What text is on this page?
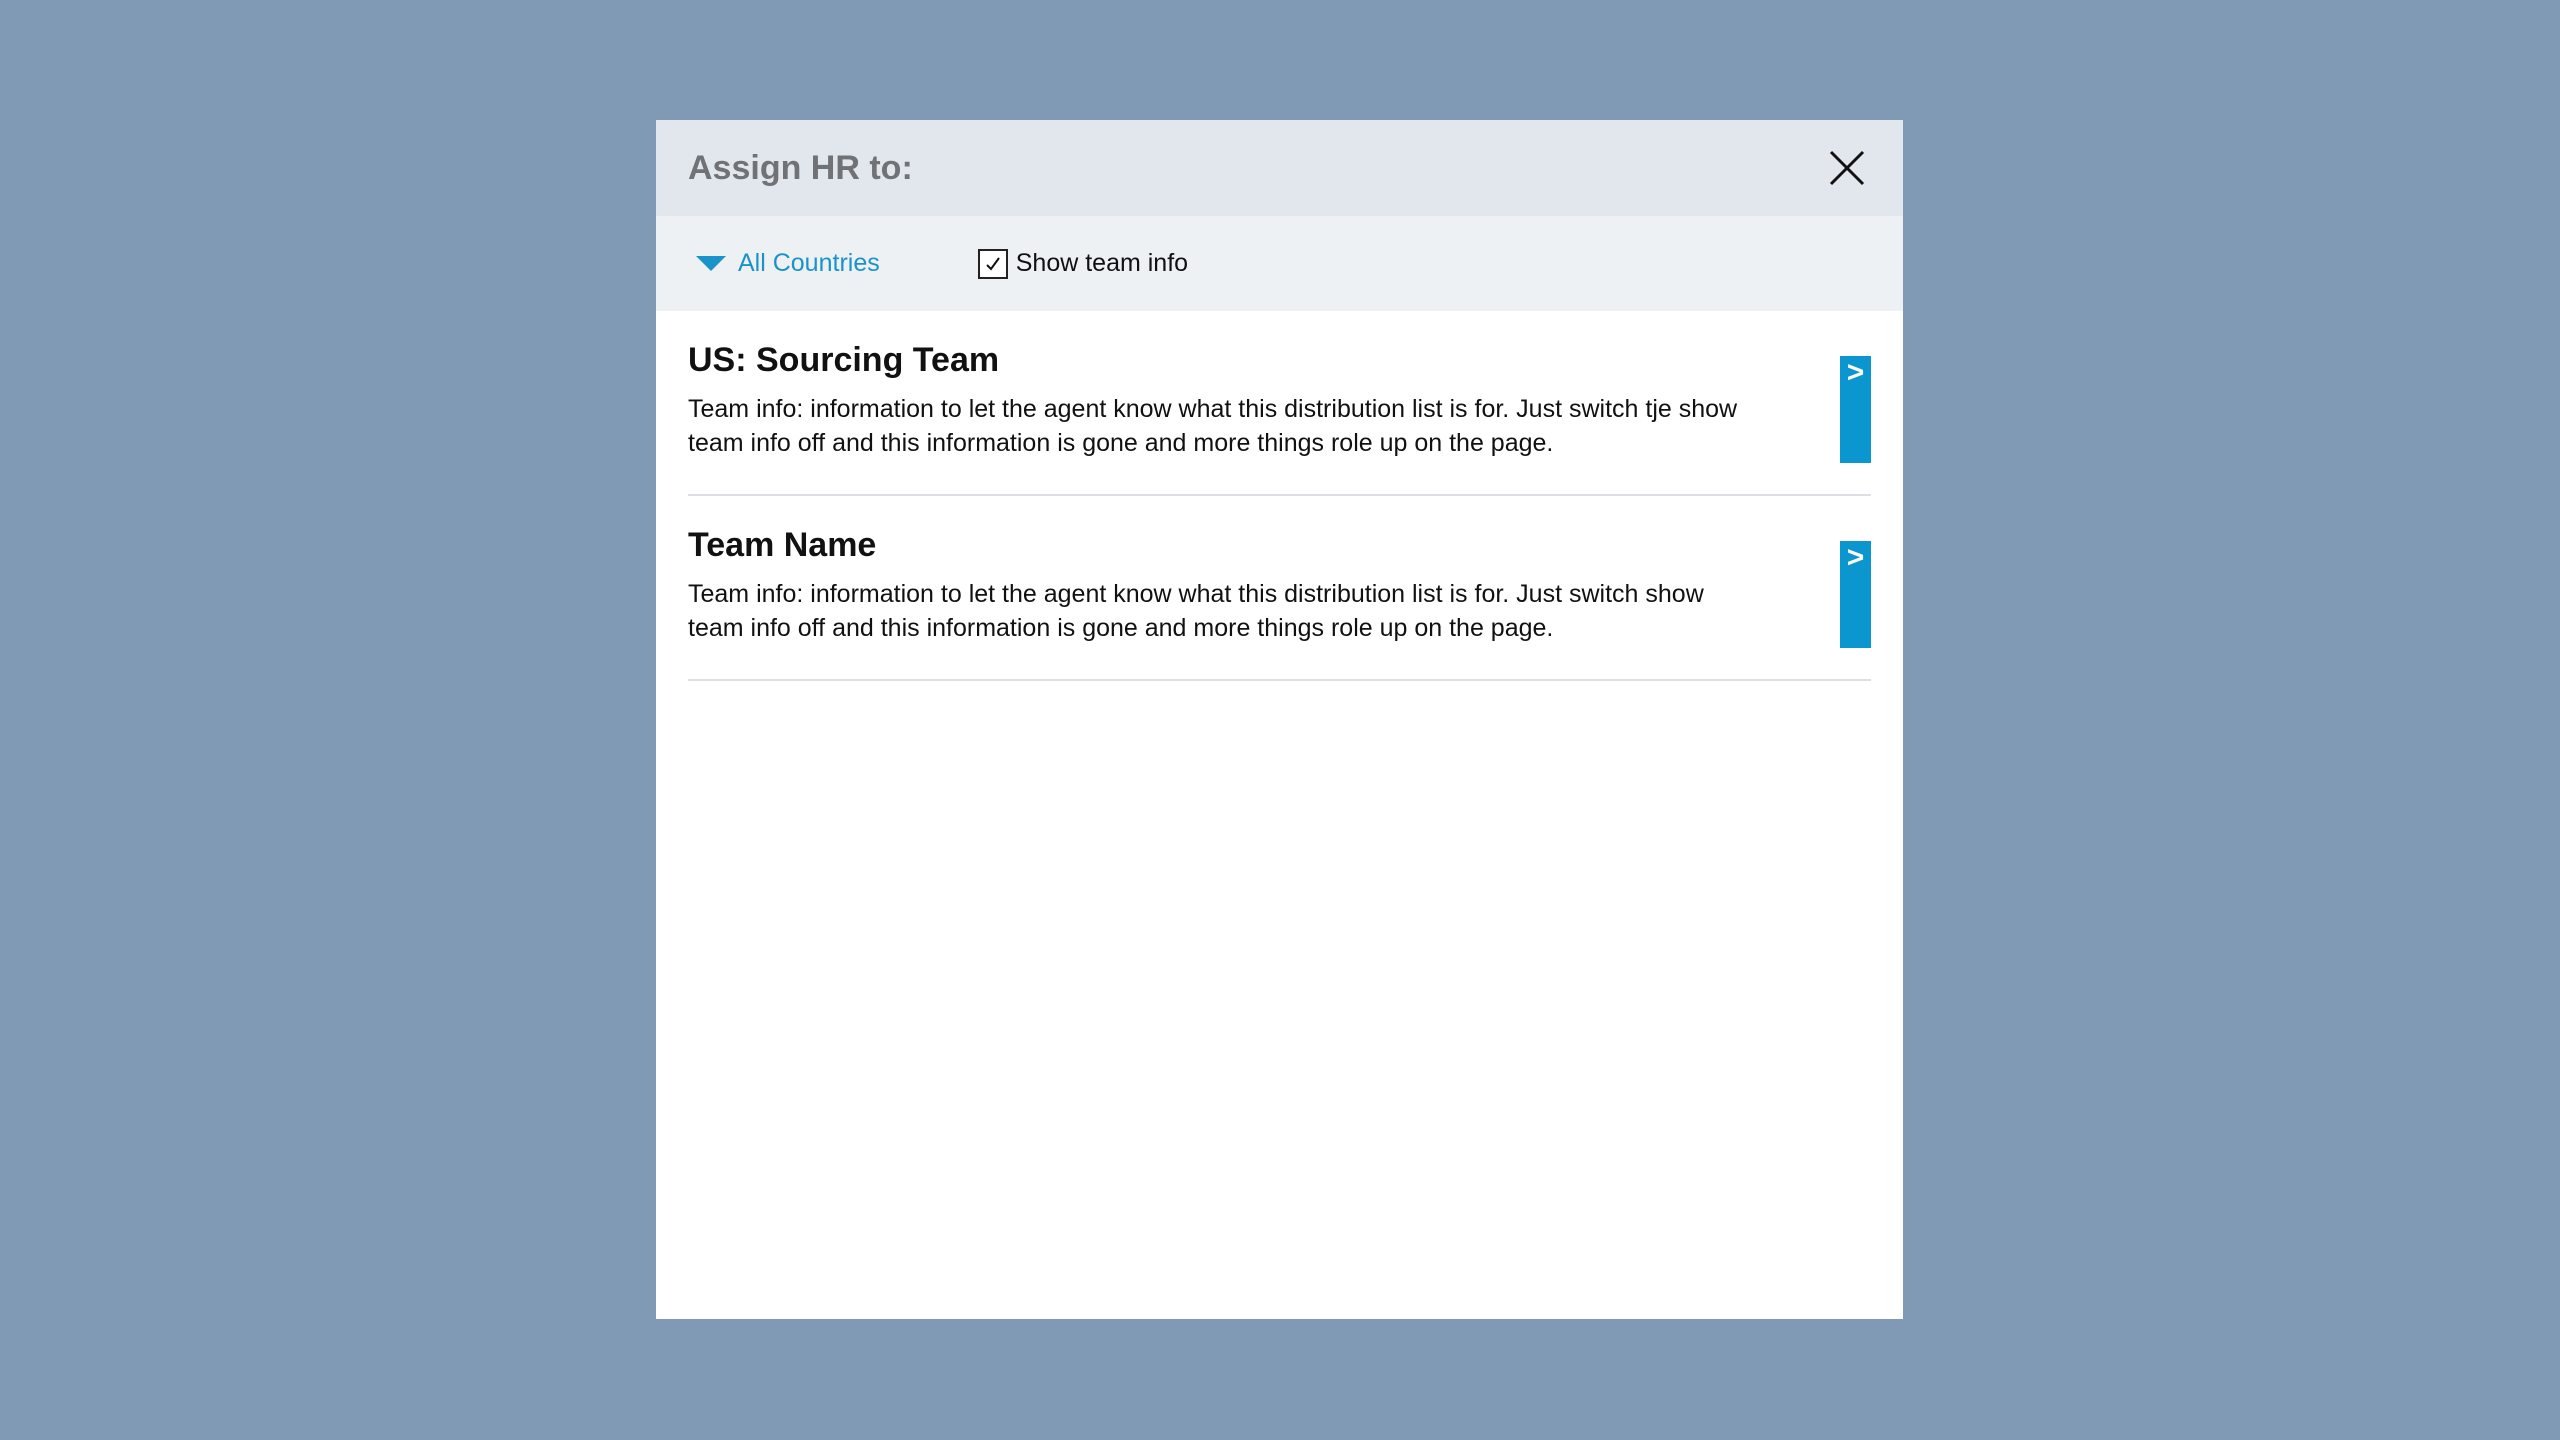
Assign HR to:
All Countries	Show team info
US: Sourcing Team
Team info: information to let the agent know what this distribution list is for. Just switch tje show team info off and this information is gone and more things role up on the page.
>
Team Name
Team info: information to let the agent know what this distribution list is for. Just switch show team info off and this information is gone and more things role up on the page.
>
